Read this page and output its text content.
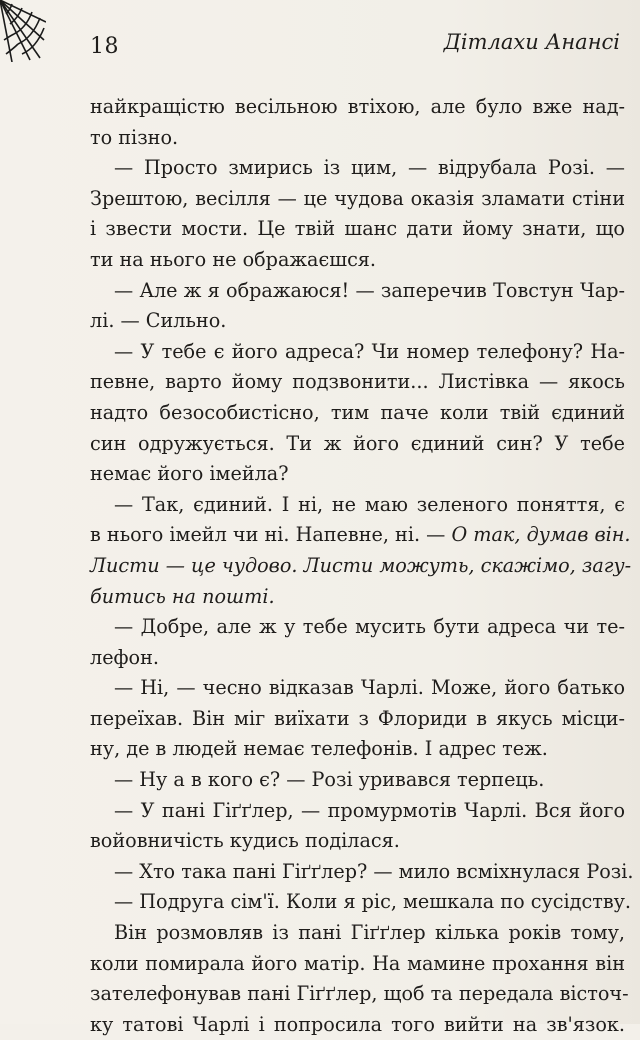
18	Дітлахи Анансі
найкращістю весільною втіхою, але було вже над-
то пізно.
— Просто змирись із цим, — відрубала Розі. —
Зрештою, весілля — це чудова оказія зламати стіни
і звести мости. Це твій шанс дати йому знати, що
ти на нього не ображаєшся.
— Але ж я ображаюся! — заперечив Товстун Чар-
лі. — Сильно.
— У тебе є його адреса? Чи номер телефону? На-
певне, варто йому подзвонити... Листівка — якось
надто безособистісно, тим паче коли твій єдиний
син одружується. Ти ж його єдиний син? У тебе
немає його імейла?
— Так, єдиний. І ні, не маю зеленого поняття, є
в нього імейл чи ні. Напевне, ні. — О так, думав він.
Листи — це чудово. Листи можуть, скажімо, загу-
битись на пошті.
— Добре, але ж у тебе мусить бути адреса чи те-
лефон.
— Ні, — чесно відказав Чарлі. Може, його батько
переїхав. Він міг виїхати з Флориди в якусь місци-
ну, де в людей немає телефонів. І адрес теж.
— Ну а в кого є? — Розі уривався терпець.
— У пані Гіґґлер, — промурмотів Чарлі. Вся його
войовничість кудись поділася.
— Хто така пані Гіґґлер? — мило всміхнулася Розі.
— Подруга сім'ї. Коли я ріс, мешкала по сусідству.
Він розмовляв із пані Гіґґлер кілька років тому,
коли помирала його матір. На мамине прохання він
зателефонував пані Гіґґлер, щоб та передала вісточ-
ку татові Чарлі і попросила того вийти на зв'язок.
